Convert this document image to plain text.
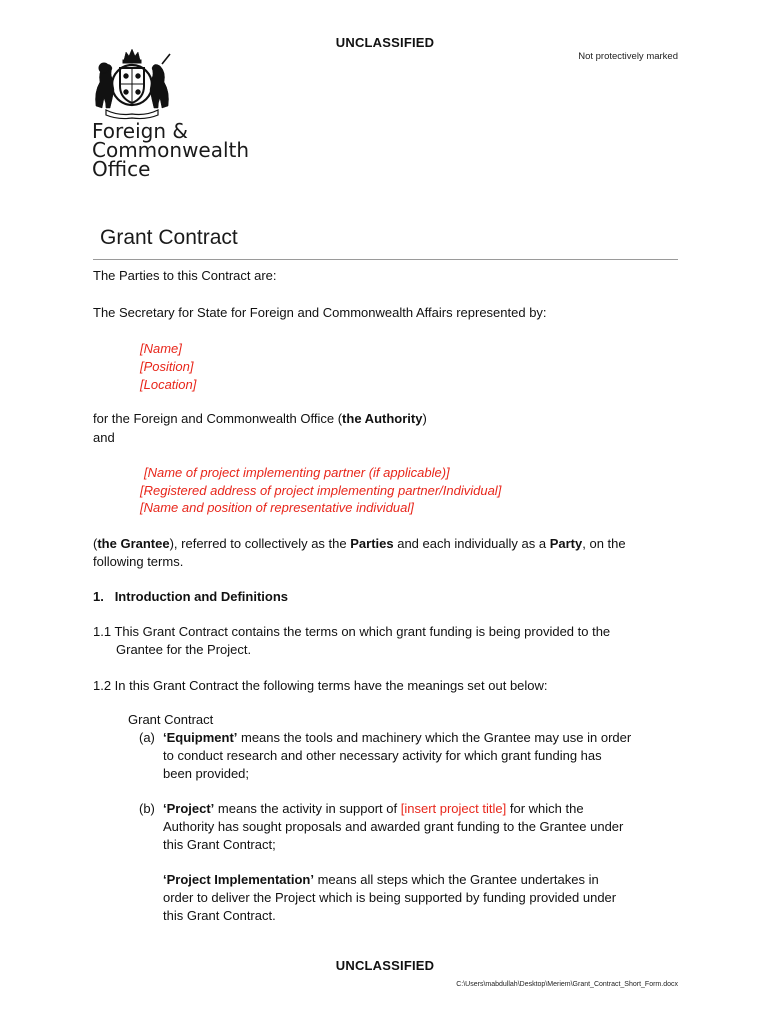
UNCLASSIFIED
Not protectively marked
Foreign &
Commonwealth
Office
Grant Contract
The Parties to this Contract are:
The Secretary for State for Foreign and Commonwealth Affairs represented by:
[Name]
[Position]
[Location]
for the Foreign and Commonwealth Office (the Authority)
and
[Name of project implementing partner (if applicable)]
[Registered address of project implementing partner/Individual]
[Name and position of representative individual]
(the Grantee), referred to collectively as the Parties and each individually as a Party, on the
following terms.
1. Introduction and Definitions
1.1 This Grant Contract contains the terms on which grant funding is being provided to the
Grantee for the Project.
1.2 In this Grant Contract the following terms have the meanings set out below:
Grant Contract
(a) ‘Equipment’ means the tools and machinery which the Grantee may use in order
to conduct research and other necessary activity for which grant funding has
been provided;
(b) ‘Project’ means the activity in support of [insert project title] for which the
Authority has sought proposals and awarded grant funding to the Grantee under
this Grant Contract;
‘Project Implementation’ means all steps which the Grantee undertakes in
order to deliver the Project which is being supported by funding provided under
this Grant Contract.
UNCLASSIFIED
C:\Users\mabdullah\Desktop\Meriem\Grant_Contract_Short_Form.docx
